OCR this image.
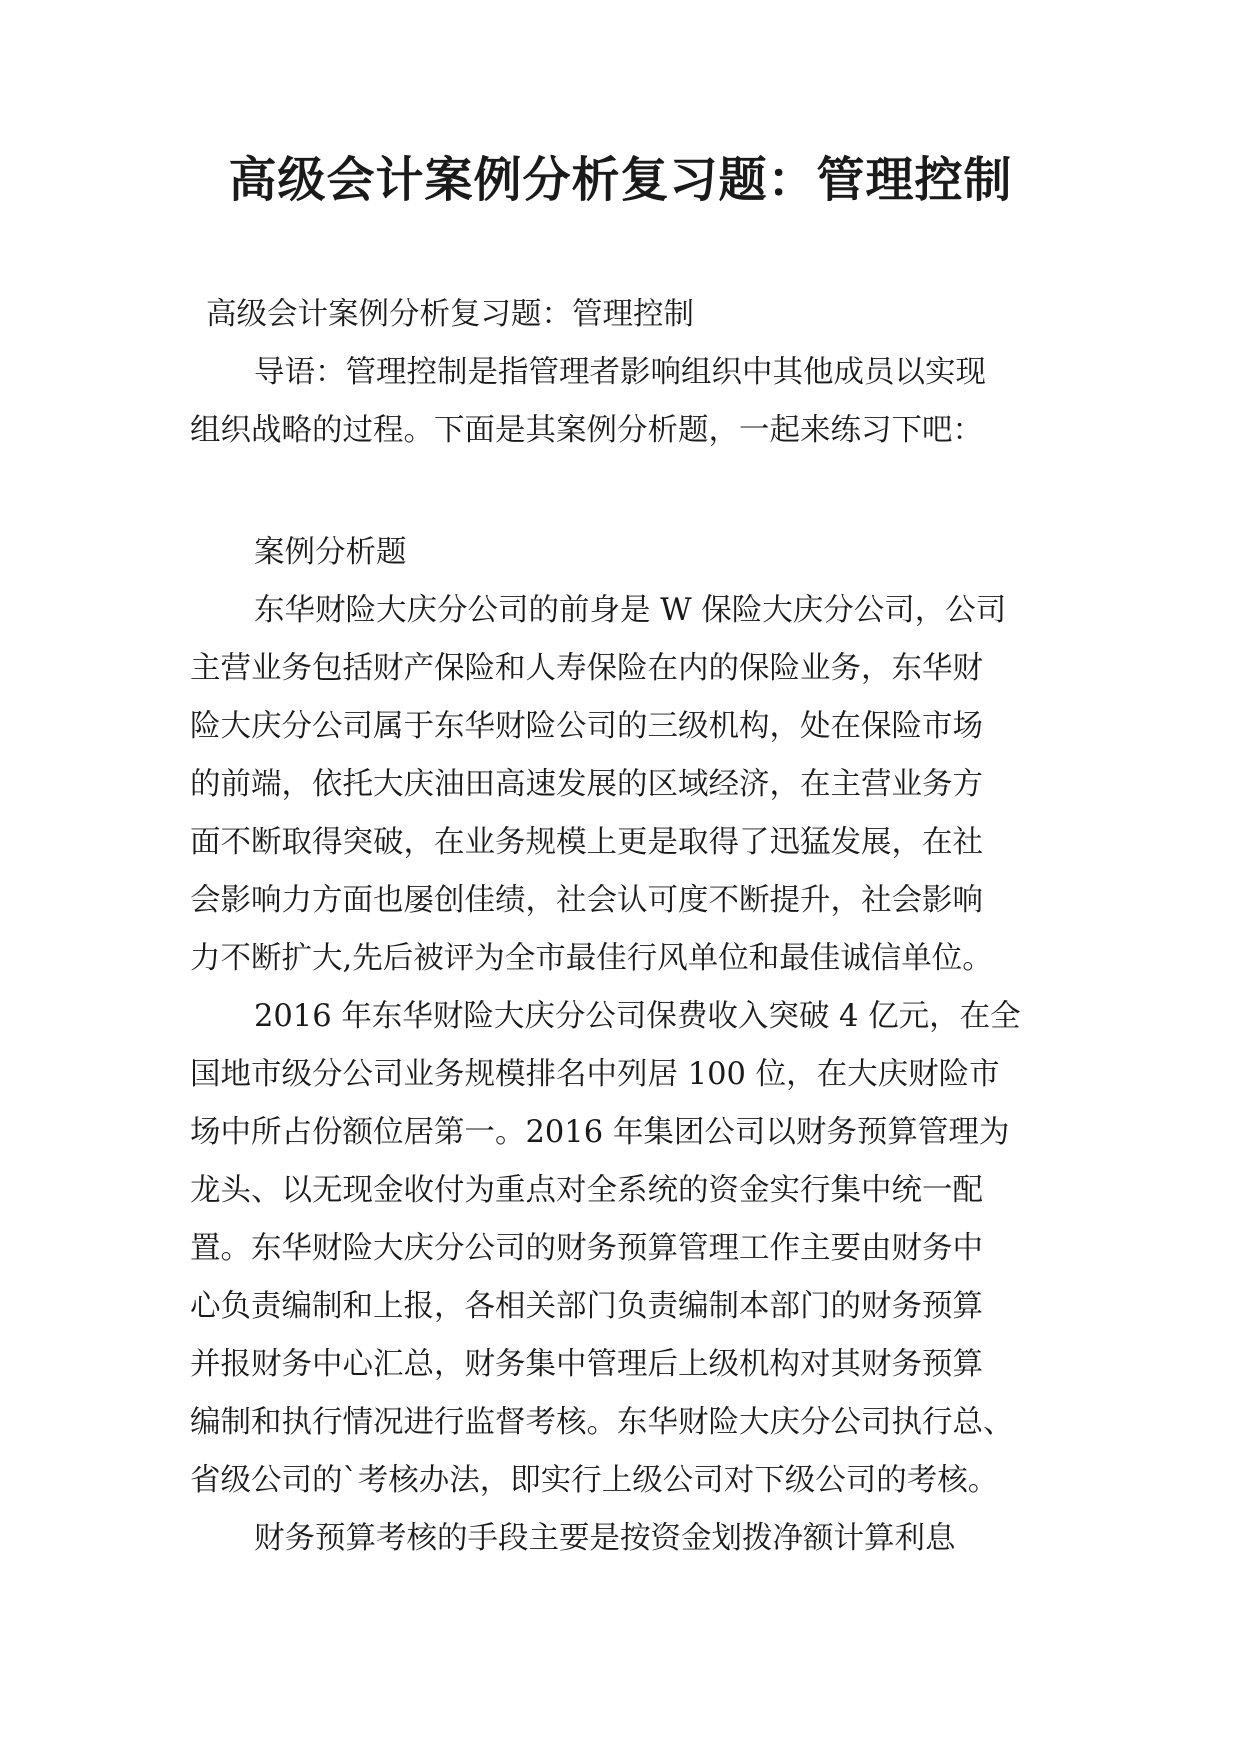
高级会计案例分析复习题：管理控制
高级会计案例分析复习题：管理控制
导语：管理控制是指管理者影响组织中其他成员以实现
组织战略的过程。下面是其案例分析题，一起来练习下吧：
案例分析题
东华财险大庆分公司的前身是 W 保险大庆分公司，公司
主营业务包括财产保险和人寿保险在内的保险业务，东华财
险大庆分公司属于东华财险公司的三级机构，处在保险市场
的前端，依托大庆油田高速发展的区域经济，在主营业务方
面不断取得突破，在业务规模上更是取得了迅猛发展，在社
会影响力方面也屡创佳绩，社会认可度不断提升，社会影响
力不断扩大,先后被评为全市最佳行风单位和最佳诚信单位。
2016 年东华财险大庆分公司保费收入突破 4 亿元，在全
国地市级分公司业务规模排名中列居 100 位，在大庆财险市
场中所占份额位居第一。2016 年集团公司以财务预算管理为
龙头、以无现金收付为重点对全系统的资金实行集中统一配
置。东华财险大庆分公司的财务预算管理工作主要由财务中
心负责编制和上报，各相关部门负责编制本部门的财务预算
并报财务中心汇总，财务集中管理后上级机构对其财务预算
编制和执行情况进行监督考核。东华财险大庆分公司执行总、
省级公司的`考核办法，即实行上级公司对下级公司的考核。
财务预算考核的手段主要是按资金划拨净额计算利息
